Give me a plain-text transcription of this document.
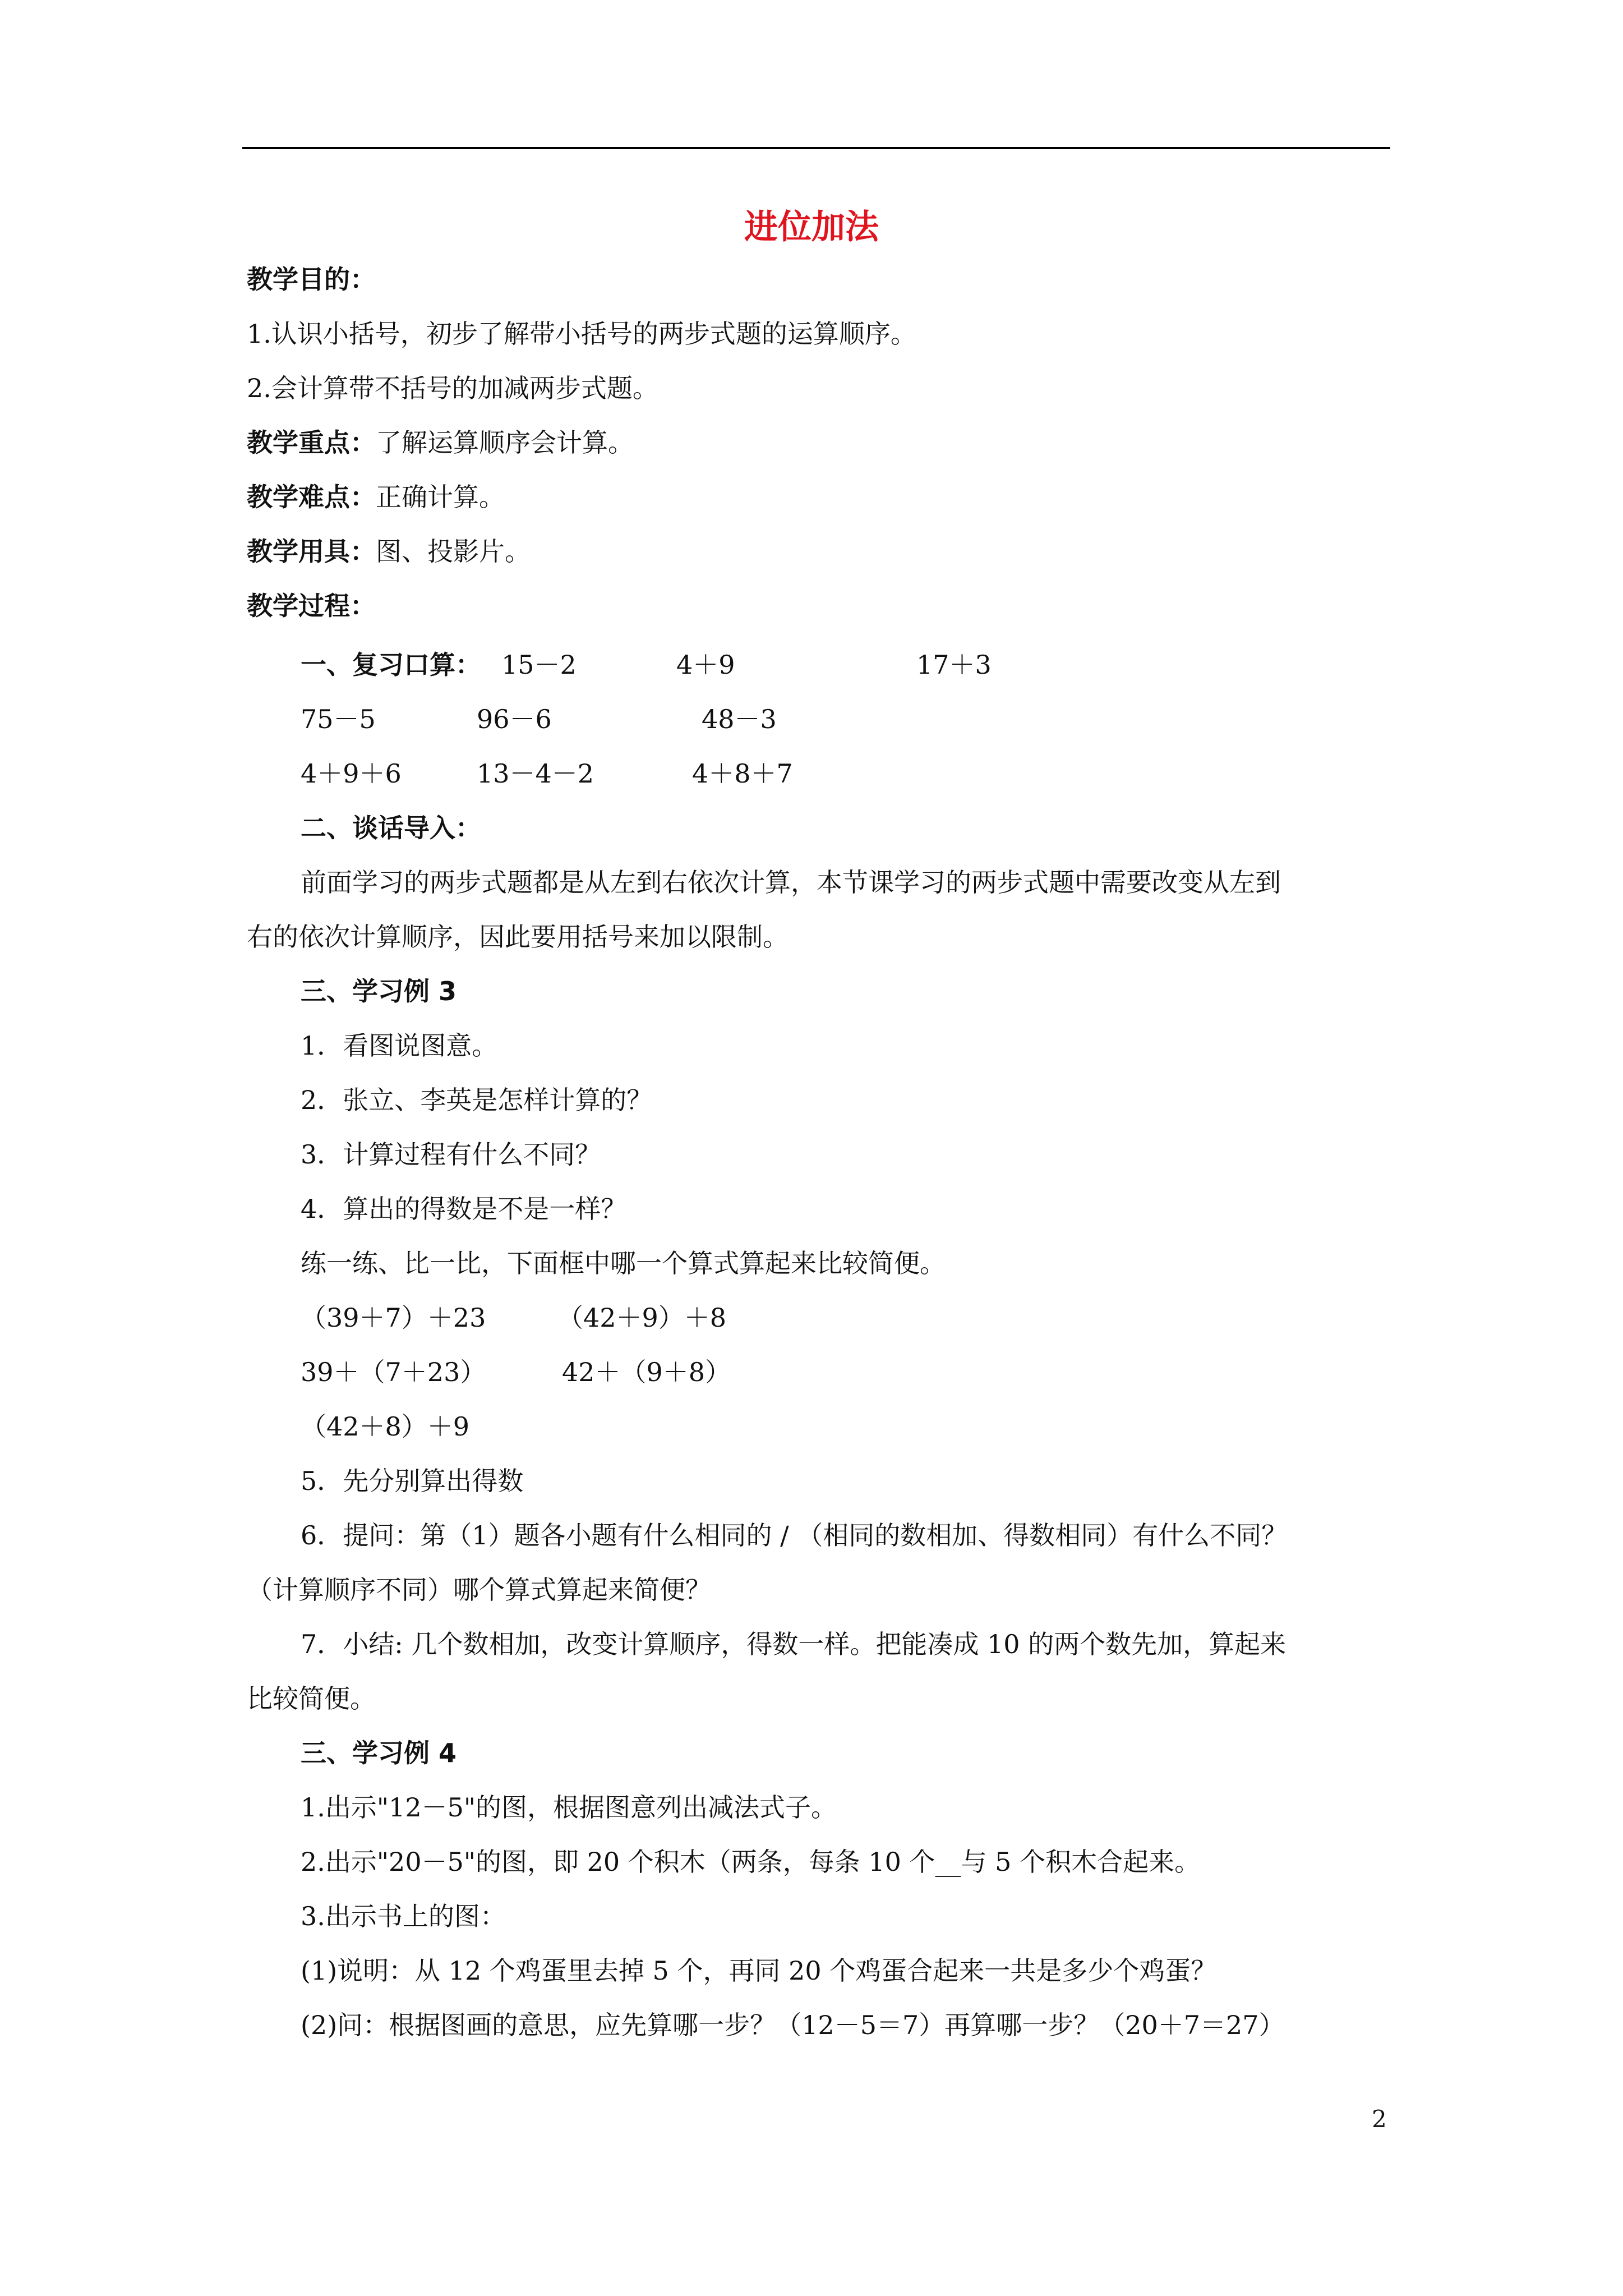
进位加法
教学目的：
1.认识小括号，初步了解带小括号的两步式题的运算顺序。
2.会计算带不括号的加减两步式题。
教学重点：了解运算顺序会计算。
教学难点：正确计算。
教学用具：图、投影片。
教学过程：
一、复习口算： 15－2	4＋9	17＋3
75－5	96－6	48－3
4＋9＋6	13－4－2	4＋8＋7
二、谈话导入：
前面学习的两步式题都是从左到右依次计算，本节课学习的两步式题中需要改变从左到
右的依次计算顺序，因此要用括号来加以限制。
三、学习例 3
1．看图说图意。
2．张立、李英是怎样计算的？
3．计算过程有什么不同？
4．算出的得数是不是一样？
练一练、比一比，下面框中哪一个算式算起来比较简便。
（39＋7）＋23	（42＋9）＋8
39＋（7＋23）	42＋（9＋8）
（42＋8）＋9
5．先分别算出得数
6．提问：第（1）题各小题有什么相同的 / （相同的数相加、得数相同）有什么不同？
（计算顺序不同）哪个算式算起来简便？
7．小结: 几个数相加，改变计算顺序，得数一样。把能凑成 10 的两个数先加，算起来
比较简便。
三、学习例 4
1.出示"12－5"的图，根据图意列出减法式子。
2.出示"20－5"的图，即 20 个积木（两条，每条 10 个__与 5 个积木合起来。
3.出示书上的图：
(1)说明：从 12 个鸡蛋里去掉 5 个，再同 20 个鸡蛋合起来一共是多少个鸡蛋？
(2)问：根据图画的意思，应先算哪一步？（12－5＝7）再算哪一步？（20＋7＝27）
2
